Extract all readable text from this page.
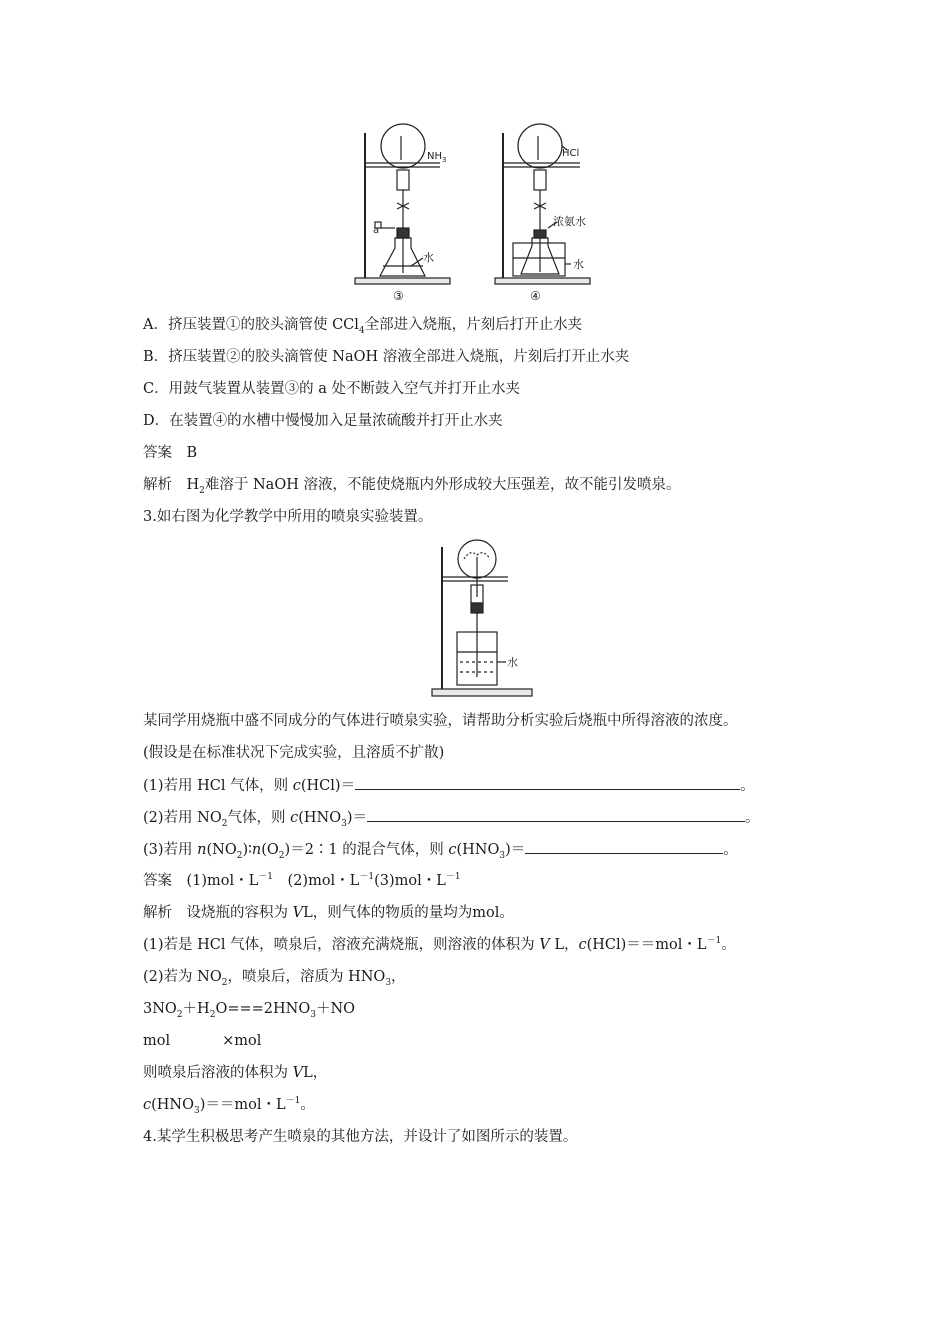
$NH_3$
a
水
③
HCl
浓氨水
水
④
A．挤压装置①的胶头滴管使 CCl$_4$全部进入烧瓶，片刻后打开止水夹
B．挤压装置②的胶头滴管使 NaOH 溶液全部进入烧瓶，片刻后打开止水夹
C．用鼓气装置从装置③的 a 处不断鼓入空气并打开止水夹
D．在装置④的水槽中慢慢加入足量浓硫酸并打开止水夹
答案　B
解析　$H_2$难溶于 NaOH 溶液，不能使烧瓶内外形成较大压强差，故不能引发喷泉。
3.如右图为化学教学中所用的喷泉实验装置。
水
某同学用烧瓶中盛不同成分的气体进行喷泉实验，请帮助分析实验后烧瓶中所得溶液的浓度。
(假设是在标准状况下完成实验，且溶质不扩散)
(1)若用 HCl 气体，则 c(HCl)＝	。
(2)若用 $NO_2$气体，则 $c(HNO_3)=$	。
(3)若用 $n(NO_2)∶n(O_2)=2∶1$ 的混合气体，则 $c(HNO_3)=$	。
答案　(1)mol・$L^{-1}$　(2)mol・$L^{-1}(3)mol$・$L^{-1}$
解析　设烧瓶的容积为 VL，则气体的物质的量均为mol。
(1)若是 HCl 气体，喷泉后，溶液充满烧瓶，则溶液的体积为 V L，c(HCl)＝＝mol・$L^{-1}$。
(2)若为 $NO_2$，喷泉后，溶质为 $HNO_3$，
$3NO_2+H_2O===2HNO_3+NO$
mol	×mol
则喷泉后溶液的体积为 VL，
$c(HNO_3)==mol$・$L^{-1}$。
4.某学生积极思考产生喷泉的其他方法，并设计了如图所示的装置。
